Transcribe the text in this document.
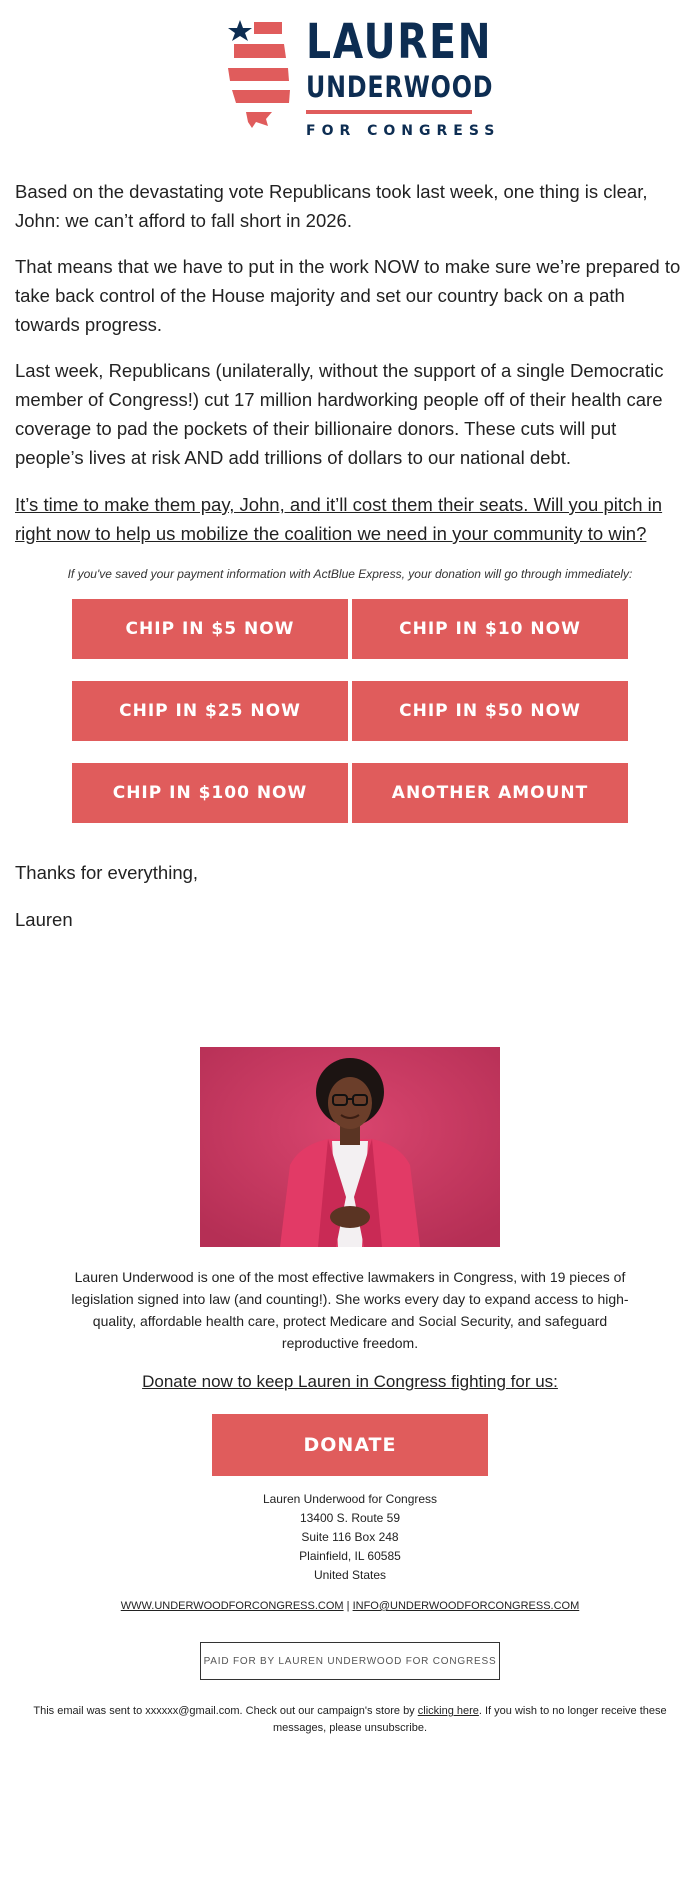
LAUREN
UNDERWOOD
FOR CONGRESS

Based on the devastating vote Republicans took last week, one thing is clear, John: we can’t afford to fall short in 2026.

That means that we have to put in the work NOW to make sure we’re prepared to take back control of the House majority and set our country back on a path towards progress.

Last week, Republicans (unilaterally, without the support of a single Democratic member of Congress!) cut 17 million hardworking people off of their health care coverage to pad the pockets of their billionaire donors. These cuts will put people’s lives at risk AND add trillions of dollars to our national debt.

It’s time to make them pay, John, and it’ll cost them their seats. Will you pitch in right now to help us mobilize the coalition we need in your community to win?

If you've saved your payment information with ActBlue Express, your donation will go through immediately:
CHIP IN $5 NOW	CHIP IN $10 NOW
CHIP IN $25 NOW	CHIP IN $50 NOW
CHIP IN $100 NOW	ANOTHER AMOUNT
Thanks for everything,
Lauren

Lauren Underwood is one of the most effective lawmakers in Congress, with 19 pieces of legislation signed into law (and counting!). She works every day to expand access to high-quality, affordable health care, protect Medicare and Social Security, and safeguard reproductive freedom.

Donate now to keep Lauren in Congress fighting for us:
DONATE
Lauren Underwood for Congress
13400 S. Route 59
Suite 116 Box 248
Plainfield, IL 60585
United States
WWW.UNDERWOODFORCONGRESS.COM | INFO@UNDERWOODFORCONGRESS.COM
PAID FOR BY LAUREN UNDERWOOD FOR CONGRESS
This email was sent to xxxxxx@gmail.com. Check out our campaign's store by clicking here. If you wish to no longer receive these messages, please unsubscribe.
